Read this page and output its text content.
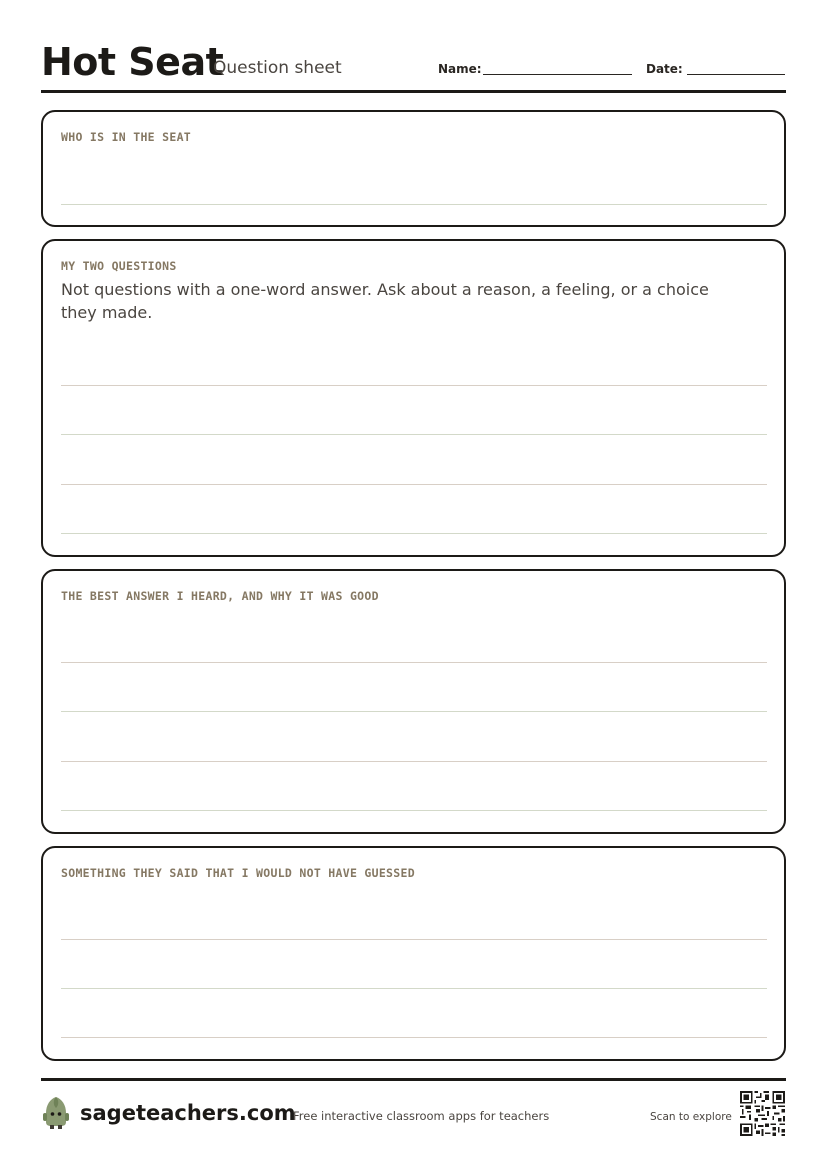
Hot Seat
Question sheet	Name:	Date:
WHO IS IN THE SEAT
MY TWO QUESTIONS
Not questions with a one-word answer. Ask about a reason, a feeling, or a choice they made.
THE BEST ANSWER I HEARD, AND WHY IT WAS GOOD
SOMETHING THEY SAID THAT I WOULD NOT HAVE GUESSED
sageteachers.com
Free interactive classroom apps for teachers	Scan to explore
